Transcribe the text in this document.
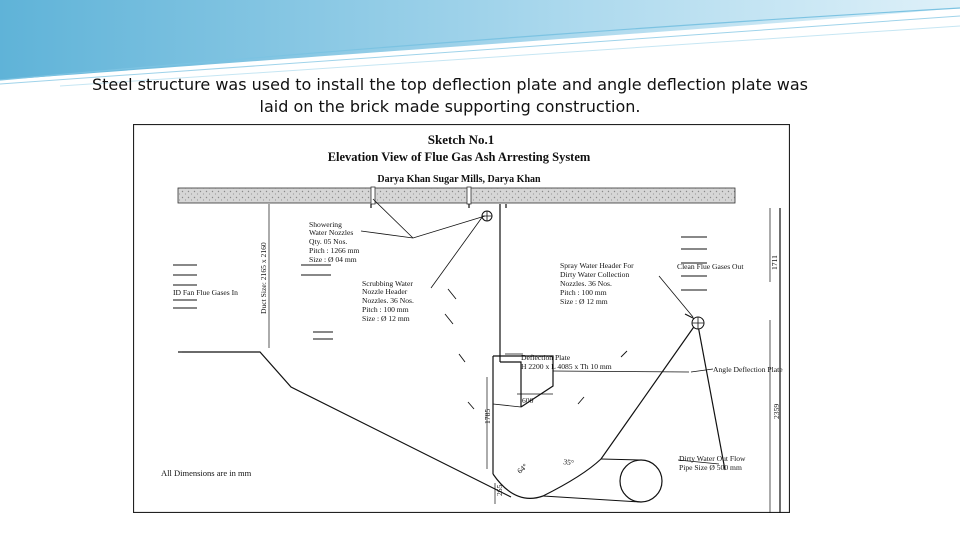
Steel structure was used to install the top deflection plate and angle deflection plate was
laid on the brick made supporting construction.
Sketch No.1
Elevation View of Flue Gas Ash Arresting System
Darya Khan Sugar Mills, Darya Khan
Showering
Water Nozzles
Qty. 05 Nos.
Pitch : 1266 mm
Size : Ø 04 mm
Scrubbing Water
Nozzle Header
Nozzles. 36 Nos.
Pitch : 100 mm
Size : Ø 12 mm
Spray Water Header For
Dirty Water Collection
Nozzles. 36 Nos.
Pitch : 100 mm
Size : Ø 12 mm
Duct Size: 2165 x 2160
ID Fan Flue Gases In
Clean Flue Gases Out	1711
Deflection Plate
H 2200 x L 4085 x Th 10 mm	Angle Deflection Plate
600
1785	2359
265
64°	35°	Dirty Water Out Flow
Pipe Size Ø 500 mm
All Dimensions are in mm
